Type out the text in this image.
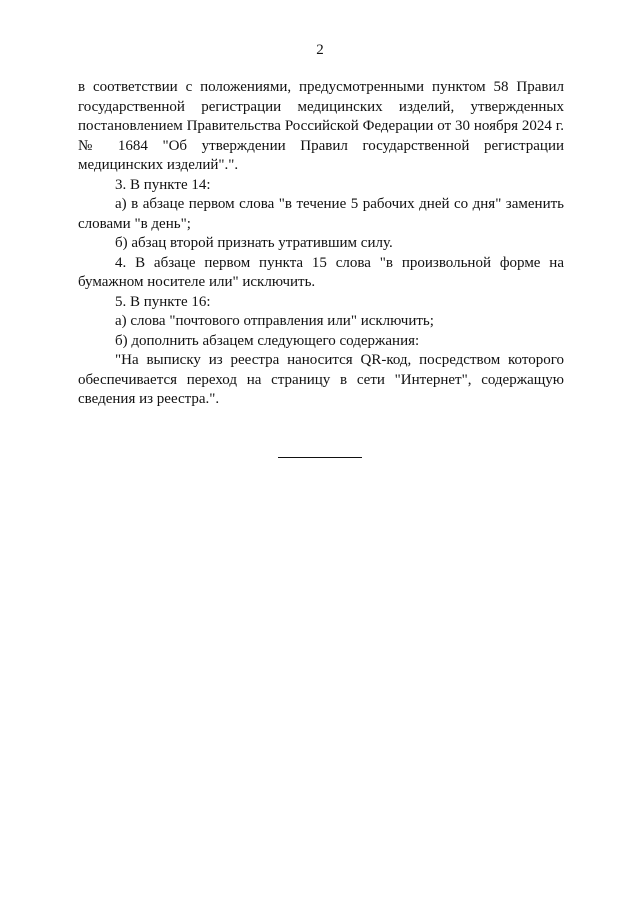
2

в соответствии с положениями, предусмотренными пунктом 58 Правил государственной регистрации медицинских изделий, утвержденных постановлением Правительства Российской Федерации от 30 ноября 2024 г. № 1684 "Об утверждении Правил государственной регистрации медицинских изделий".".

3. В пункте 14:

а) в абзаце первом слова "в течение 5 рабочих дней со дня" заменить словами "в день";

б) абзац второй признать утратившим силу.

4. В абзаце первом пункта 15 слова "в произвольной форме на бумажном носителе или" исключить.

5. В пункте 16:

а) слова "почтового отправления или" исключить;

б) дополнить абзацем следующего содержания:

"На выписку из реестра наносится QR-код, посредством которого обеспечивается переход на страницу в сети "Интернет", содержащую сведения из реестра.".
